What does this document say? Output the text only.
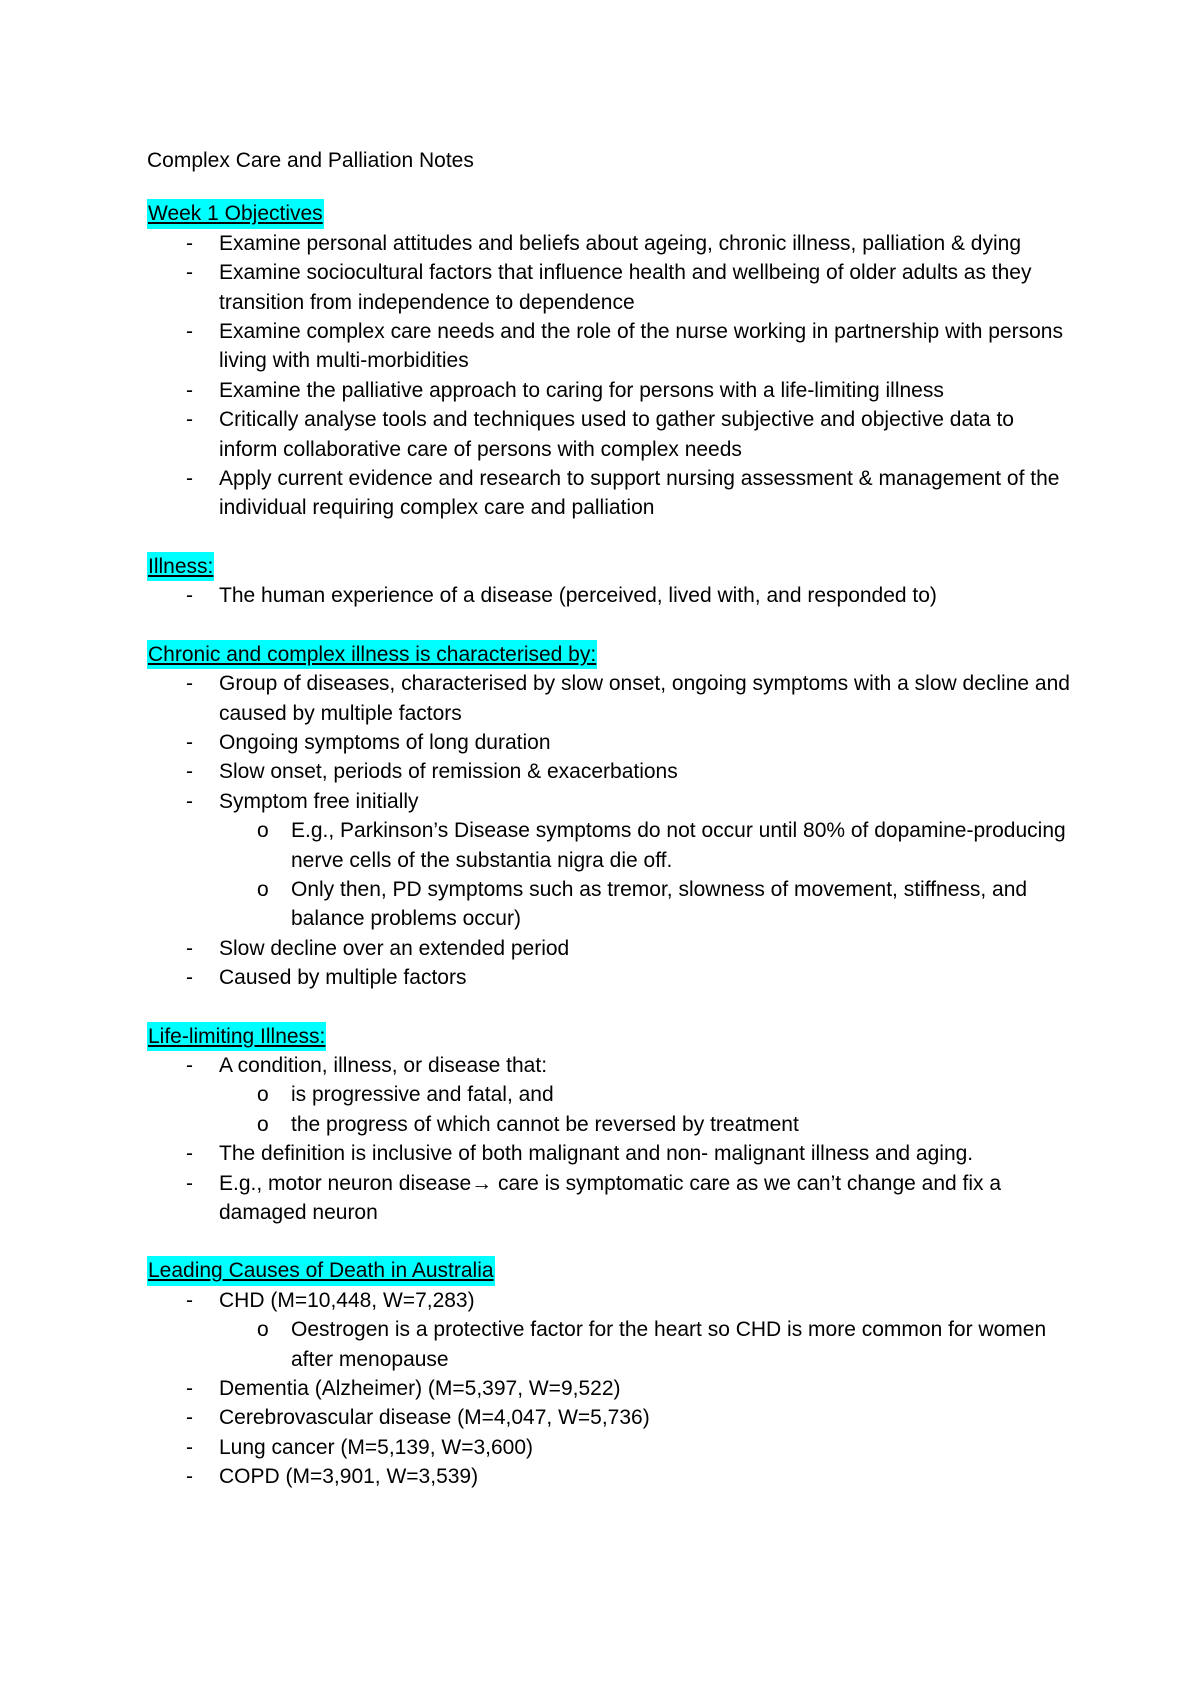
Complex Care and Palliation Notes
Week 1 Objectives
- Examine personal attitudes and beliefs about ageing, chronic illness, palliation & dying
- Examine sociocultural factors that influence health and wellbeing of older adults as they transition from independence to dependence
- Examine complex care needs and the role of the nurse working in partnership with persons living with multi-morbidities
- Examine the palliative approach to caring for persons with a life-limiting illness
- Critically analyse tools and techniques used to gather subjective and objective data to inform collaborative care of persons with complex needs
- Apply current evidence and research to support nursing assessment & management of the individual requiring complex care and palliation
Illness:
- The human experience of a disease (perceived, lived with, and responded to)
Chronic and complex illness is characterised by:
- Group of diseases, characterised by slow onset, ongoing symptoms with a slow decline and caused by multiple factors
- Ongoing symptoms of long duration
- Slow onset, periods of remission & exacerbations
- Symptom free initially
o E.g., Parkinson’s Disease symptoms do not occur until 80% of dopamine-producing nerve cells of the substantia nigra die off.
o Only then, PD symptoms such as tremor, slowness of movement, stiffness, and balance problems occur)
- Slow decline over an extended period
- Caused by multiple factors
Life-limiting Illness:
- A condition, illness, or disease that:
o is progressive and fatal, and
o the progress of which cannot be reversed by treatment
- The definition is inclusive of both malignant and non- malignant illness and aging.
- E.g., motor neuron disease→ care is symptomatic care as we can’t change and fix a damaged neuron
Leading Causes of Death in Australia
- CHD (M=10,448, W=7,283)
o Oestrogen is a protective factor for the heart so CHD is more common for women after menopause
- Dementia (Alzheimer) (M=5,397, W=9,522)
- Cerebrovascular disease (M=4,047, W=5,736)
- Lung cancer (M=5,139, W=3,600)
- COPD (M=3,901, W=3,539)
